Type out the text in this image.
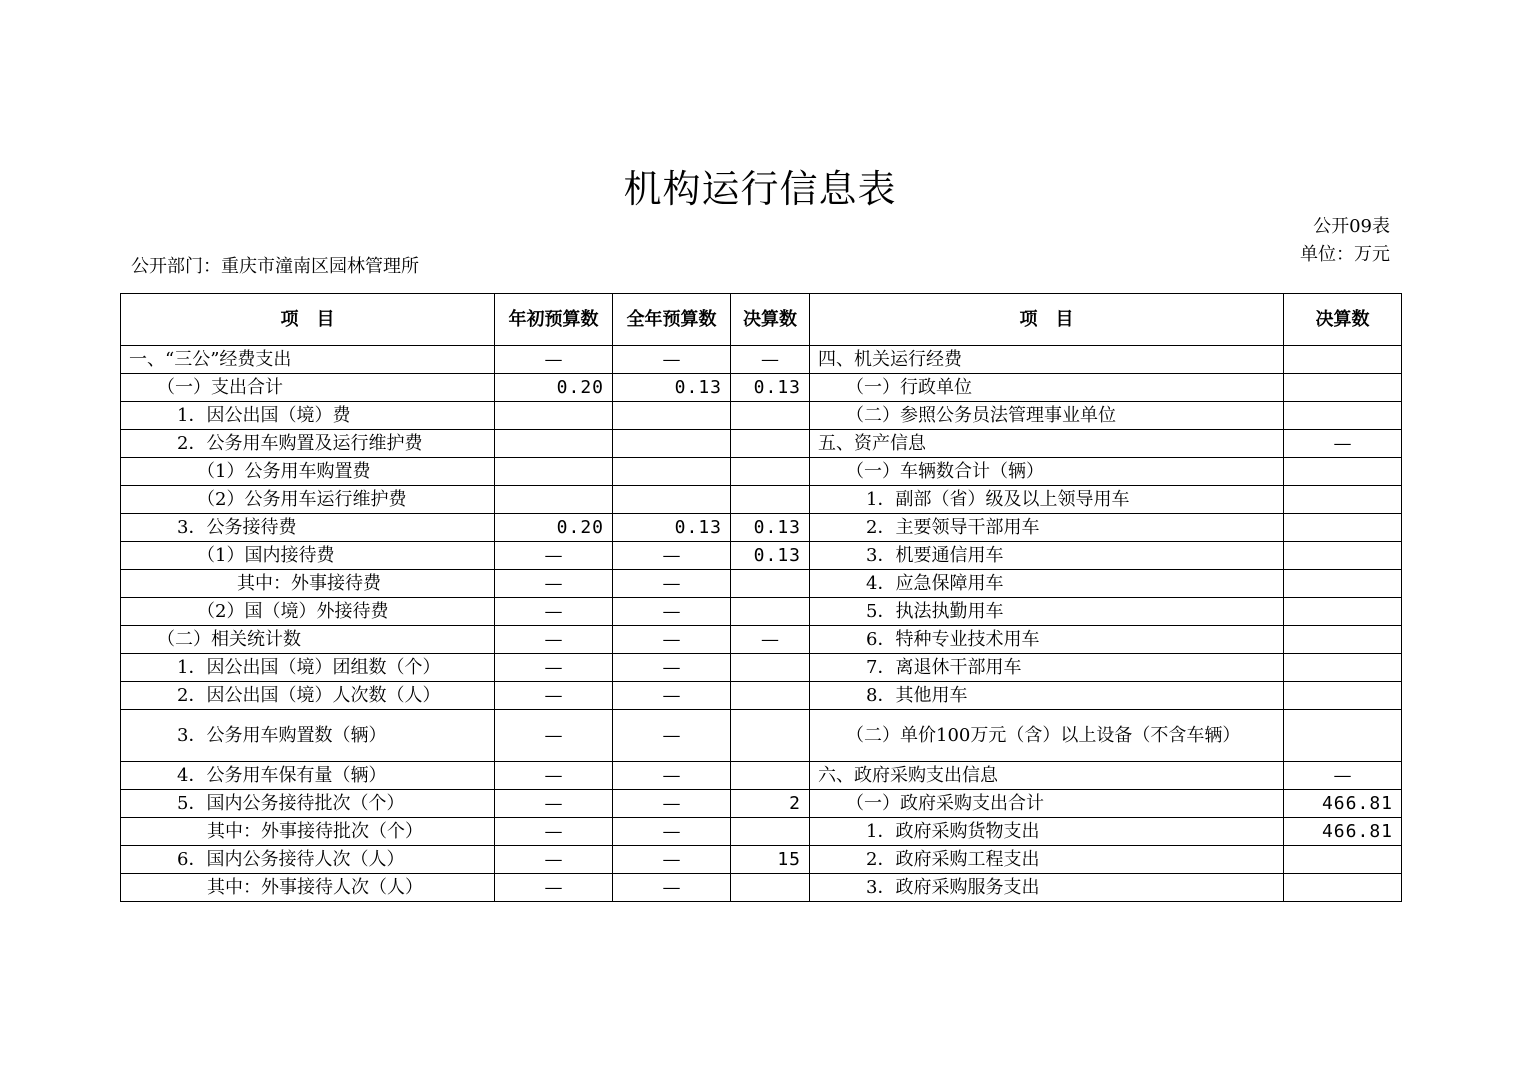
机构运行信息表
公开09表
单位：万元
公开部门：重庆市潼南区园林管理所
项　目	年初预算数	全年预算数	决算数	项　目	决算数
一、“三公”经费支出	—	—	—	四、机关运行经费	
（一）支出合计	0.20	0.13	0.13	（一）行政单位	
1．因公出国（境）费				（二）参照公务员法管理事业单位	
2．公务用车购置及运行维护费				五、资产信息	—
（1）公务用车购置费				（一）车辆数合计（辆）	
（2）公务用车运行维护费				1．副部（省）级及以上领导用车	
3．公务接待费	0.20	0.13	0.13	2．主要领导干部用车	
（1）国内接待费	—	—	0.13	3．机要通信用车	
其中：外事接待费	—	—		4．应急保障用车	
（2）国（境）外接待费	—	—		5．执法执勤用车	
（二）相关统计数	—	—	—	6．特种专业技术用车	
1．因公出国（境）团组数（个）	—	—		7．离退休干部用车	
2．因公出国（境）人次数（人）	—	—		8．其他用车	
3．公务用车购置数（辆）	—	—		（二）单价100万元（含）以上设备（不含车辆）	
4．公务用车保有量（辆）	—	—		六、政府采购支出信息	—
5．国内公务接待批次（个）	—	—	2	（一）政府采购支出合计	466.81
其中：外事接待批次（个）	—	—		1．政府采购货物支出	466.81
6．国内公务接待人次（人）	—	—	15	2．政府采购工程支出	
其中：外事接待人次（人）	—	—		3．政府采购服务支出	
